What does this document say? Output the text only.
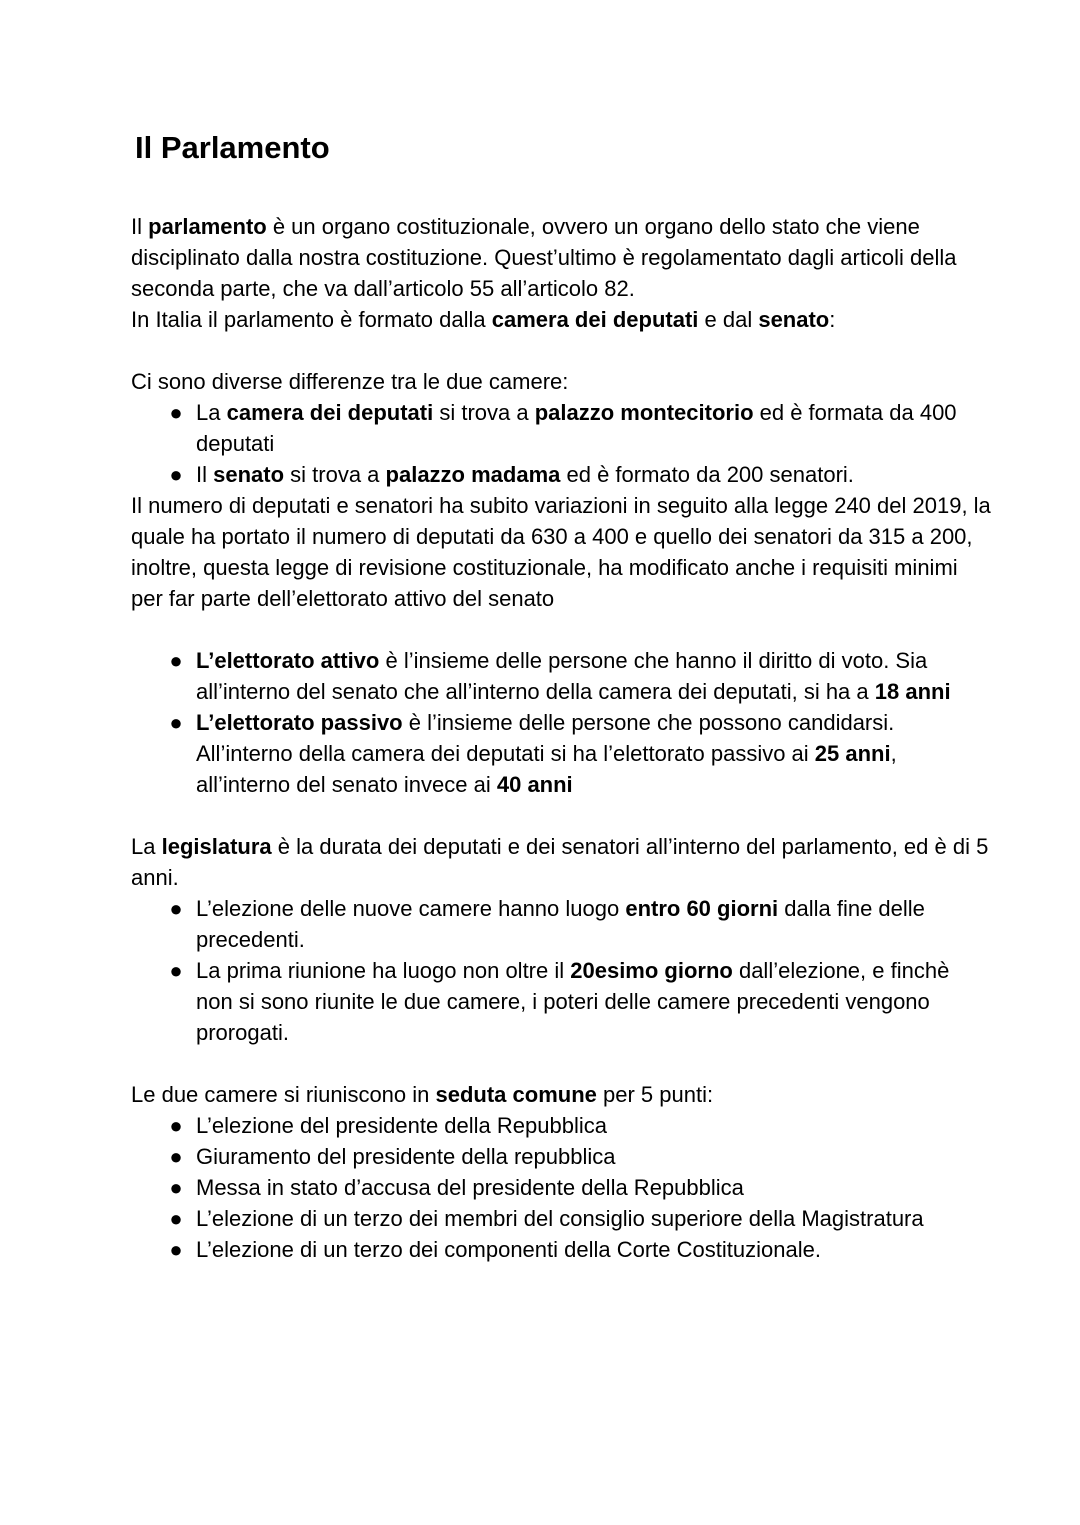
Il Parlamento

Il parlamento è un organo costituzionale, ovvero un organo dello stato che viene disciplinato dalla nostra costituzione. Quest’ultimo è regolamentato dagli articoli della seconda parte, che va dall’articolo 55 all’articolo 82.

In Italia il parlamento è formato dalla camera dei deputati e dal senato:

Ci sono diverse differenze tra le due camere:

● La camera dei deputati si trova a palazzo montecitorio ed è formata da 400 deputati
● Il senato si trova a palazzo madama ed è formato da 200 senatori.

Il numero di deputati e senatori ha subito variazioni in seguito alla legge 240 del 2019, la quale ha portato il numero di deputati da 630 a 400 e quello dei senatori da 315 a 200, inoltre, questa legge di revisione costituzionale, ha modificato anche i requisiti minimi per far parte dell’elettorato attivo del senato

● L’elettorato attivo è l’insieme delle persone che hanno il diritto di voto. Sia all’interno del senato che all’interno della camera dei deputati, si ha a 18 anni
● L’elettorato passivo è l’insieme delle persone che possono candidarsi. All’interno della camera dei deputati si ha l’elettorato passivo ai 25 anni, all’interno del senato invece ai 40 anni

La legislatura è la durata dei deputati e dei senatori all’interno del parlamento, ed è di 5 anni.

● L’elezione delle nuove camere hanno luogo entro 60 giorni dalla fine delle precedenti.
● La prima riunione ha luogo non oltre il 20esimo giorno dall’elezione, e finchè non si sono riunite le due camere, i poteri delle camere precedenti vengono prorogati.

Le due camere si riuniscono in seduta comune per 5 punti:

● L’elezione del presidente della Repubblica
● Giuramento del presidente della repubblica
● Messa in stato d’accusa del presidente della Repubblica
● L’elezione di un terzo dei membri del consiglio superiore della Magistratura
● L’elezione di un terzo dei componenti della Corte Costituzionale.
